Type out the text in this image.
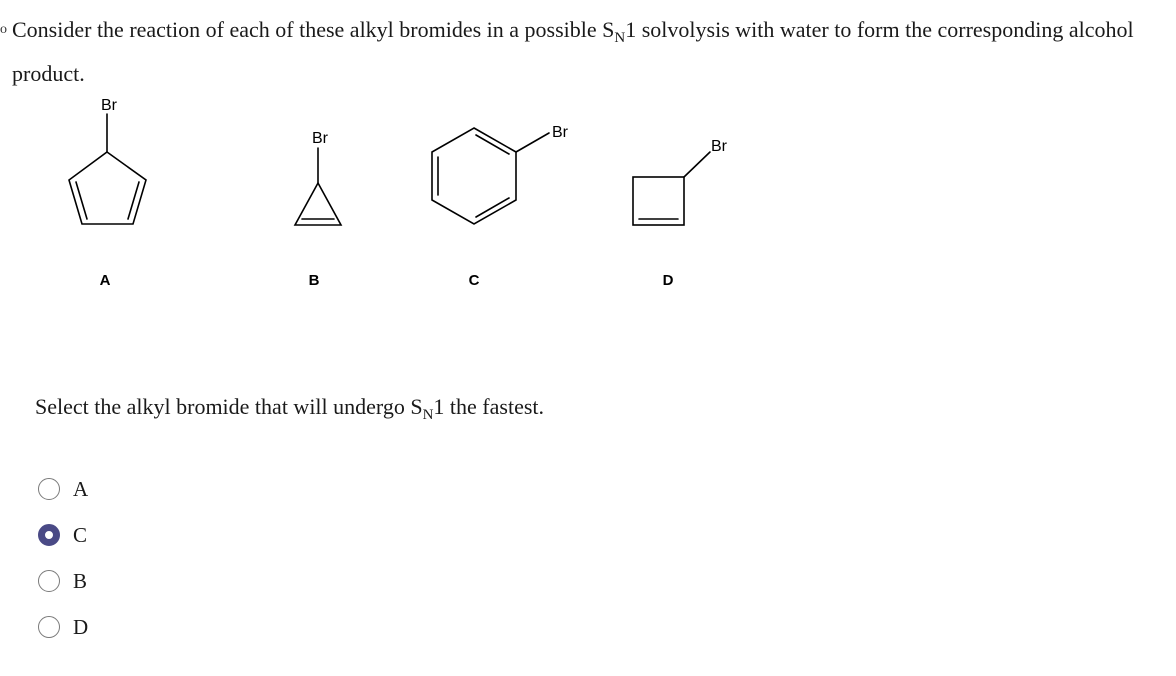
o Consider the reaction of each of these alkyl bromides in a possible $S_N1$ solvolysis with water to form the corresponding alcohol product.

Br
Br	Br
Br
A	B	C	D

Select the alkyl bromide that will undergo $S_N1$ the fastest.

A
C
B
D
